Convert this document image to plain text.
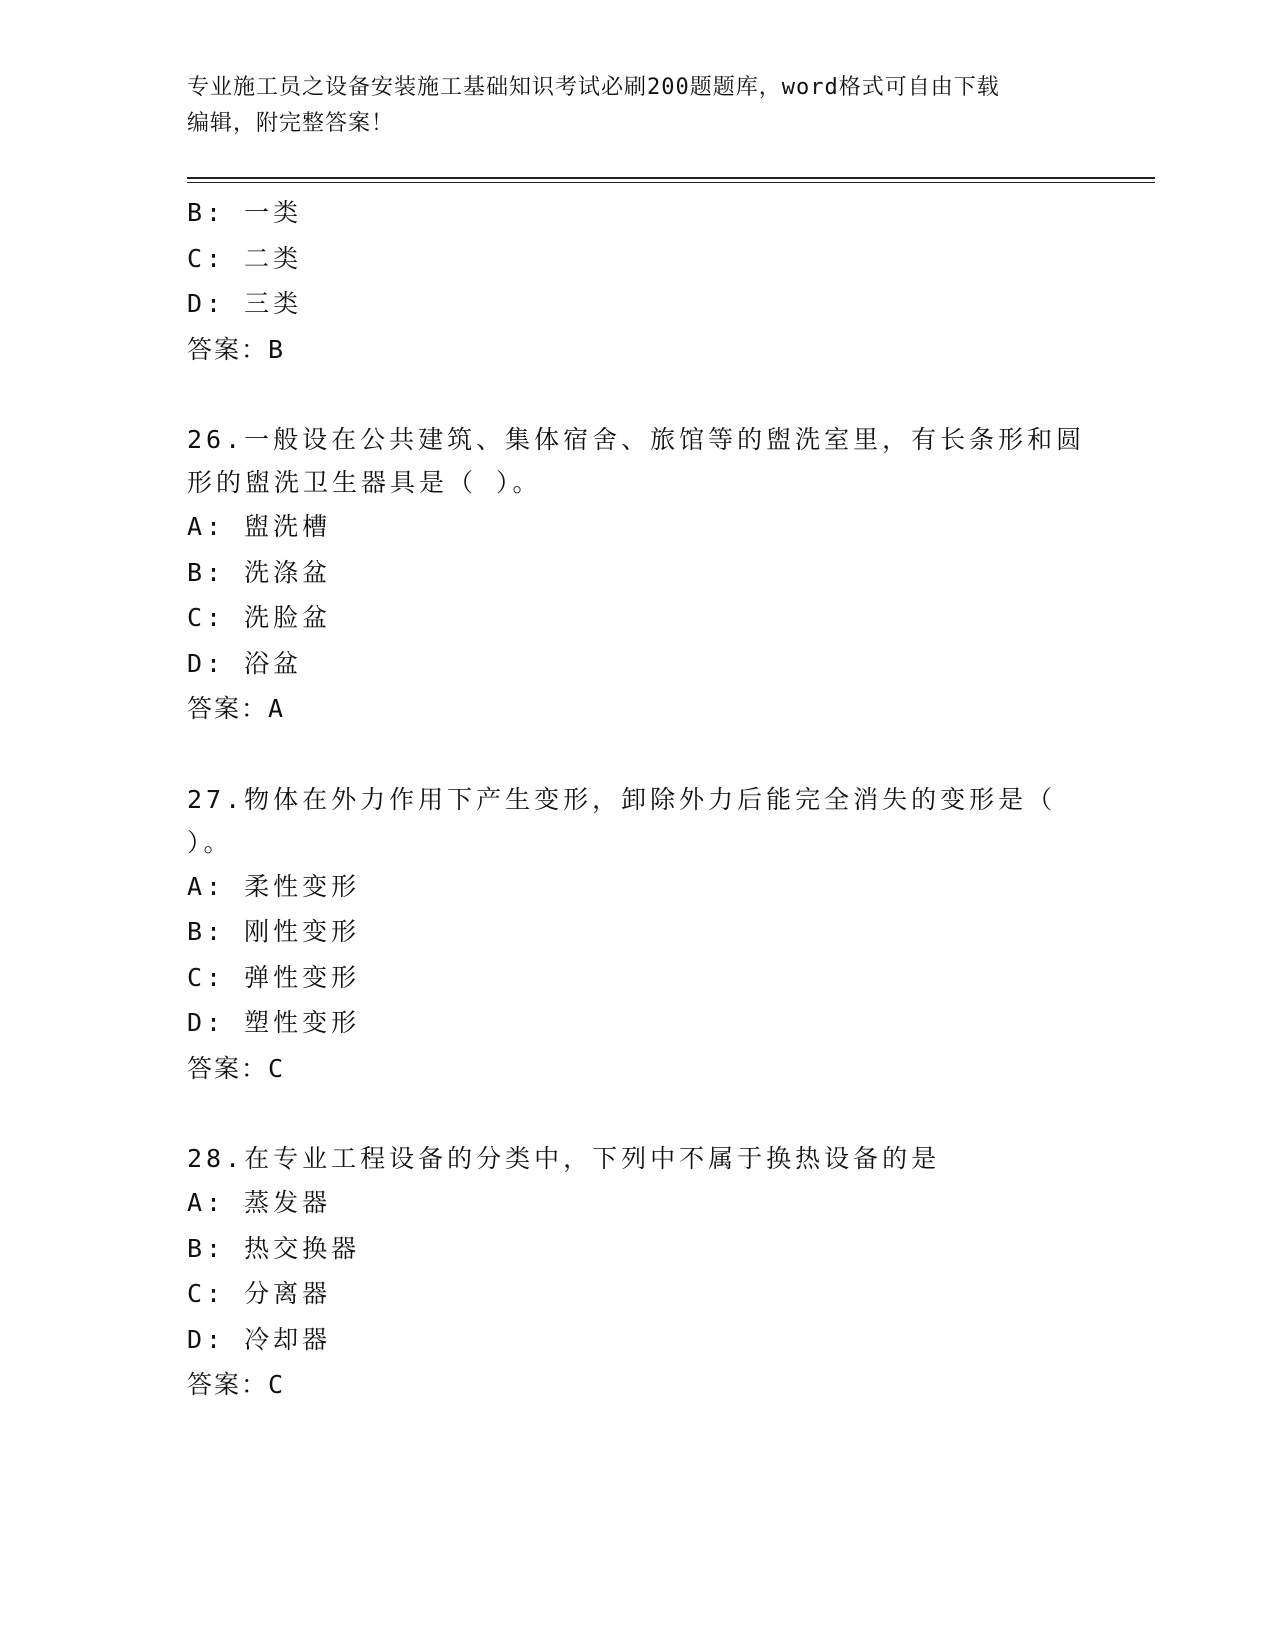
专业施工员之设备安装施工基础知识考试必刷200题题库，word格式可自由下载
编辑，附完整答案！
B: 一类
C: 二类
D: 三类
答案：B
26.一般设在公共建筑、集体宿舍、旅馆等的盥洗室里，有长条形和圆
形的盥洗卫生器具是（ ）。
A: 盥洗槽
B: 洗涤盆
C: 洗脸盆
D: 浴盆
答案：A
27.物体在外力作用下产生变形，卸除外力后能完全消失的变形是（
）。
A: 柔性变形
B: 刚性变形
C: 弹性变形
D: 塑性变形
答案：C
28.在专业工程设备的分类中，下列中不属于换热设备的是
A: 蒸发器
B: 热交换器
C: 分离器
D: 冷却器
答案：C
